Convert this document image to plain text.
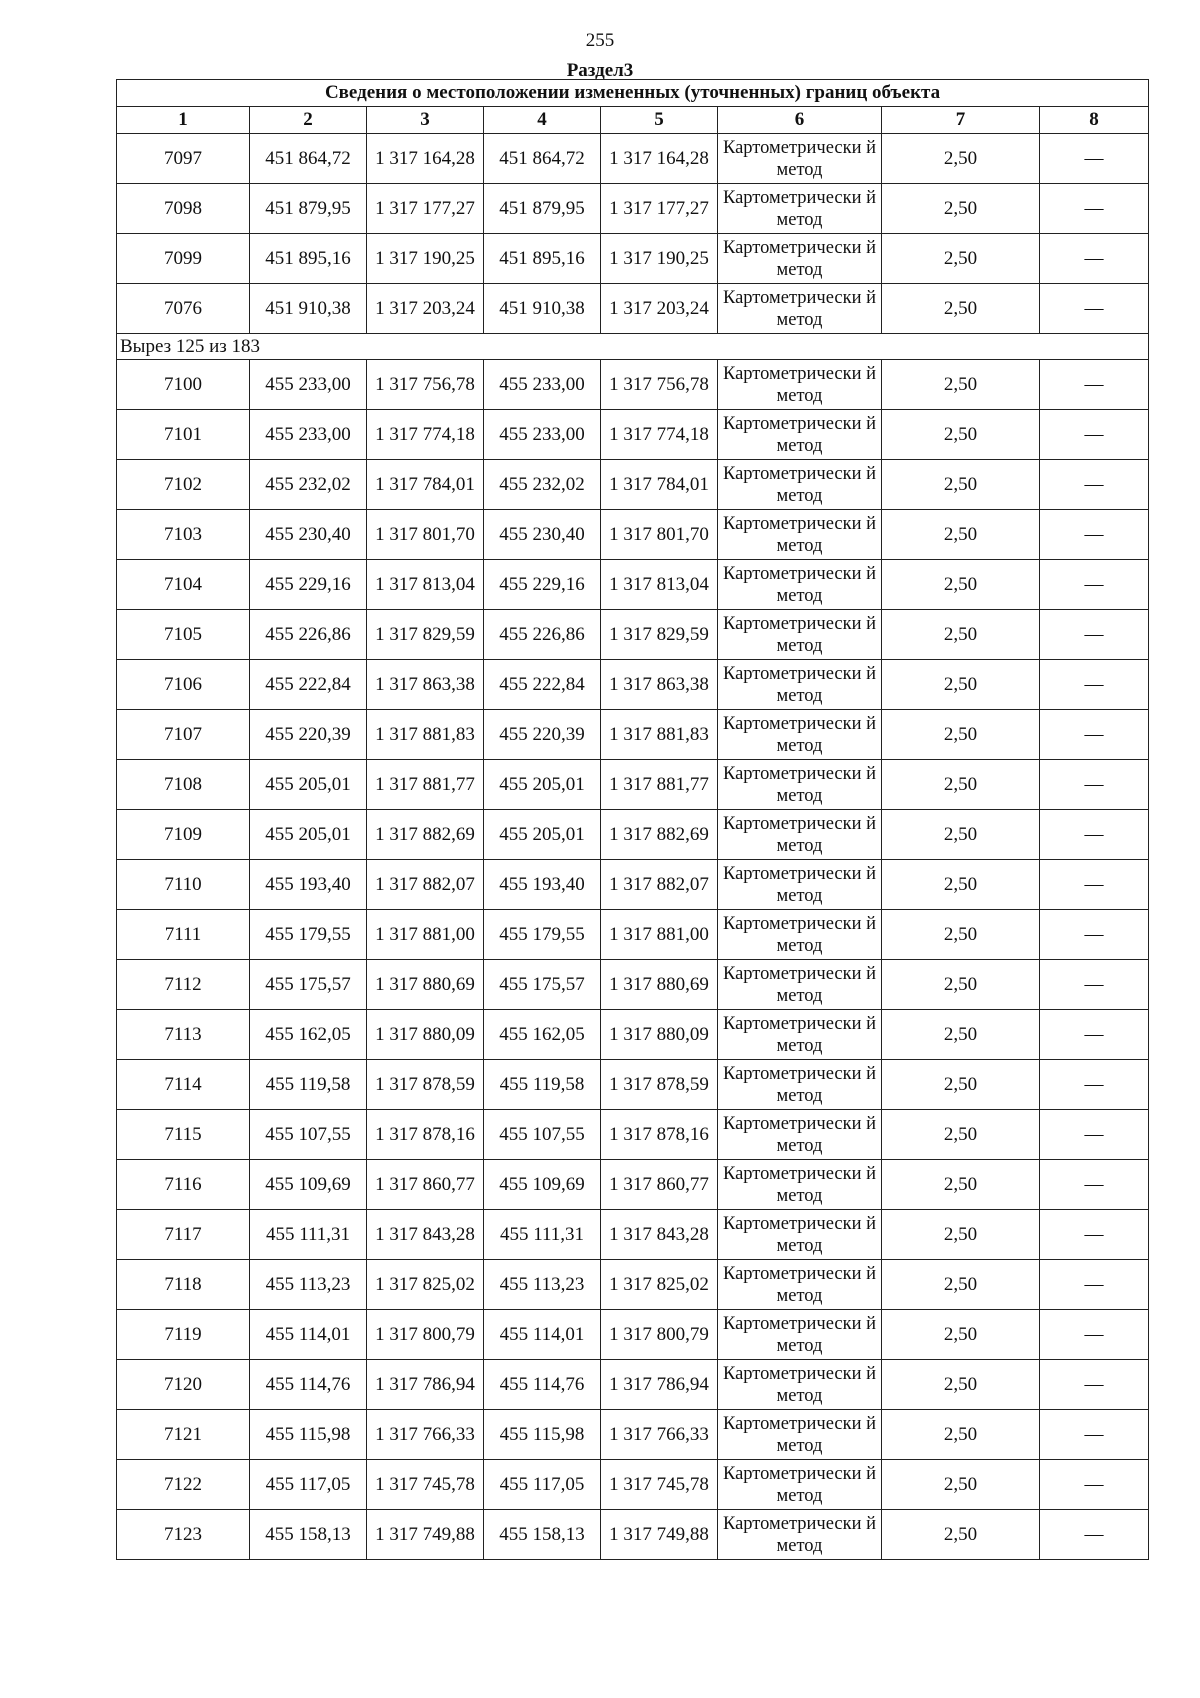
255
Раздел3
Сведения о местоположении измененных (уточненных) границ объекта							
1	2	3	4	5	6	7	8
7097	451 864,72	1 317 164,28	451 864,72	1 317 164,28	Картометрически й метод	2,50	—
7098	451 879,95	1 317 177,27	451 879,95	1 317 177,27	Картометрически й метод	2,50	—
7099	451 895,16	1 317 190,25	451 895,16	1 317 190,25	Картометрически й метод	2,50	—
7076	451 910,38	1 317 203,24	451 910,38	1 317 203,24	Картометрически й метод	2,50	—
Вырез 125 из 183							
7100	455 233,00	1 317 756,78	455 233,00	1 317 756,78	Картометрически й метод	2,50	—
7101	455 233,00	1 317 774,18	455 233,00	1 317 774,18	Картометрически й метод	2,50	—
7102	455 232,02	1 317 784,01	455 232,02	1 317 784,01	Картометрически й метод	2,50	—
7103	455 230,40	1 317 801,70	455 230,40	1 317 801,70	Картометрически й метод	2,50	—
7104	455 229,16	1 317 813,04	455 229,16	1 317 813,04	Картометрически й метод	2,50	—
7105	455 226,86	1 317 829,59	455 226,86	1 317 829,59	Картометрически й метод	2,50	—
7106	455 222,84	1 317 863,38	455 222,84	1 317 863,38	Картометрически й метод	2,50	—
7107	455 220,39	1 317 881,83	455 220,39	1 317 881,83	Картометрически й метод	2,50	—
7108	455 205,01	1 317 881,77	455 205,01	1 317 881,77	Картометрически й метод	2,50	—
7109	455 205,01	1 317 882,69	455 205,01	1 317 882,69	Картометрически й метод	2,50	—
7110	455 193,40	1 317 882,07	455 193,40	1 317 882,07	Картометрически й метод	2,50	—
7111	455 179,55	1 317 881,00	455 179,55	1 317 881,00	Картометрически й метод	2,50	—
7112	455 175,57	1 317 880,69	455 175,57	1 317 880,69	Картометрически й метод	2,50	—
7113	455 162,05	1 317 880,09	455 162,05	1 317 880,09	Картометрически й метод	2,50	—
7114	455 119,58	1 317 878,59	455 119,58	1 317 878,59	Картометрически й метод	2,50	—
7115	455 107,55	1 317 878,16	455 107,55	1 317 878,16	Картометрически й метод	2,50	—
7116	455 109,69	1 317 860,77	455 109,69	1 317 860,77	Картометрически й метод	2,50	—
7117	455 111,31	1 317 843,28	455 111,31	1 317 843,28	Картометрически й метод	2,50	—
7118	455 113,23	1 317 825,02	455 113,23	1 317 825,02	Картометрически й метод	2,50	—
7119	455 114,01	1 317 800,79	455 114,01	1 317 800,79	Картометрически й метод	2,50	—
7120	455 114,76	1 317 786,94	455 114,76	1 317 786,94	Картометрически й метод	2,50	—
7121	455 115,98	1 317 766,33	455 115,98	1 317 766,33	Картометрически й метод	2,50	—
7122	455 117,05	1 317 745,78	455 117,05	1 317 745,78	Картометрически й метод	2,50	—
7123	455 158,13	1 317 749,88	455 158,13	1 317 749,88	Картометрически й метод	2,50	—
